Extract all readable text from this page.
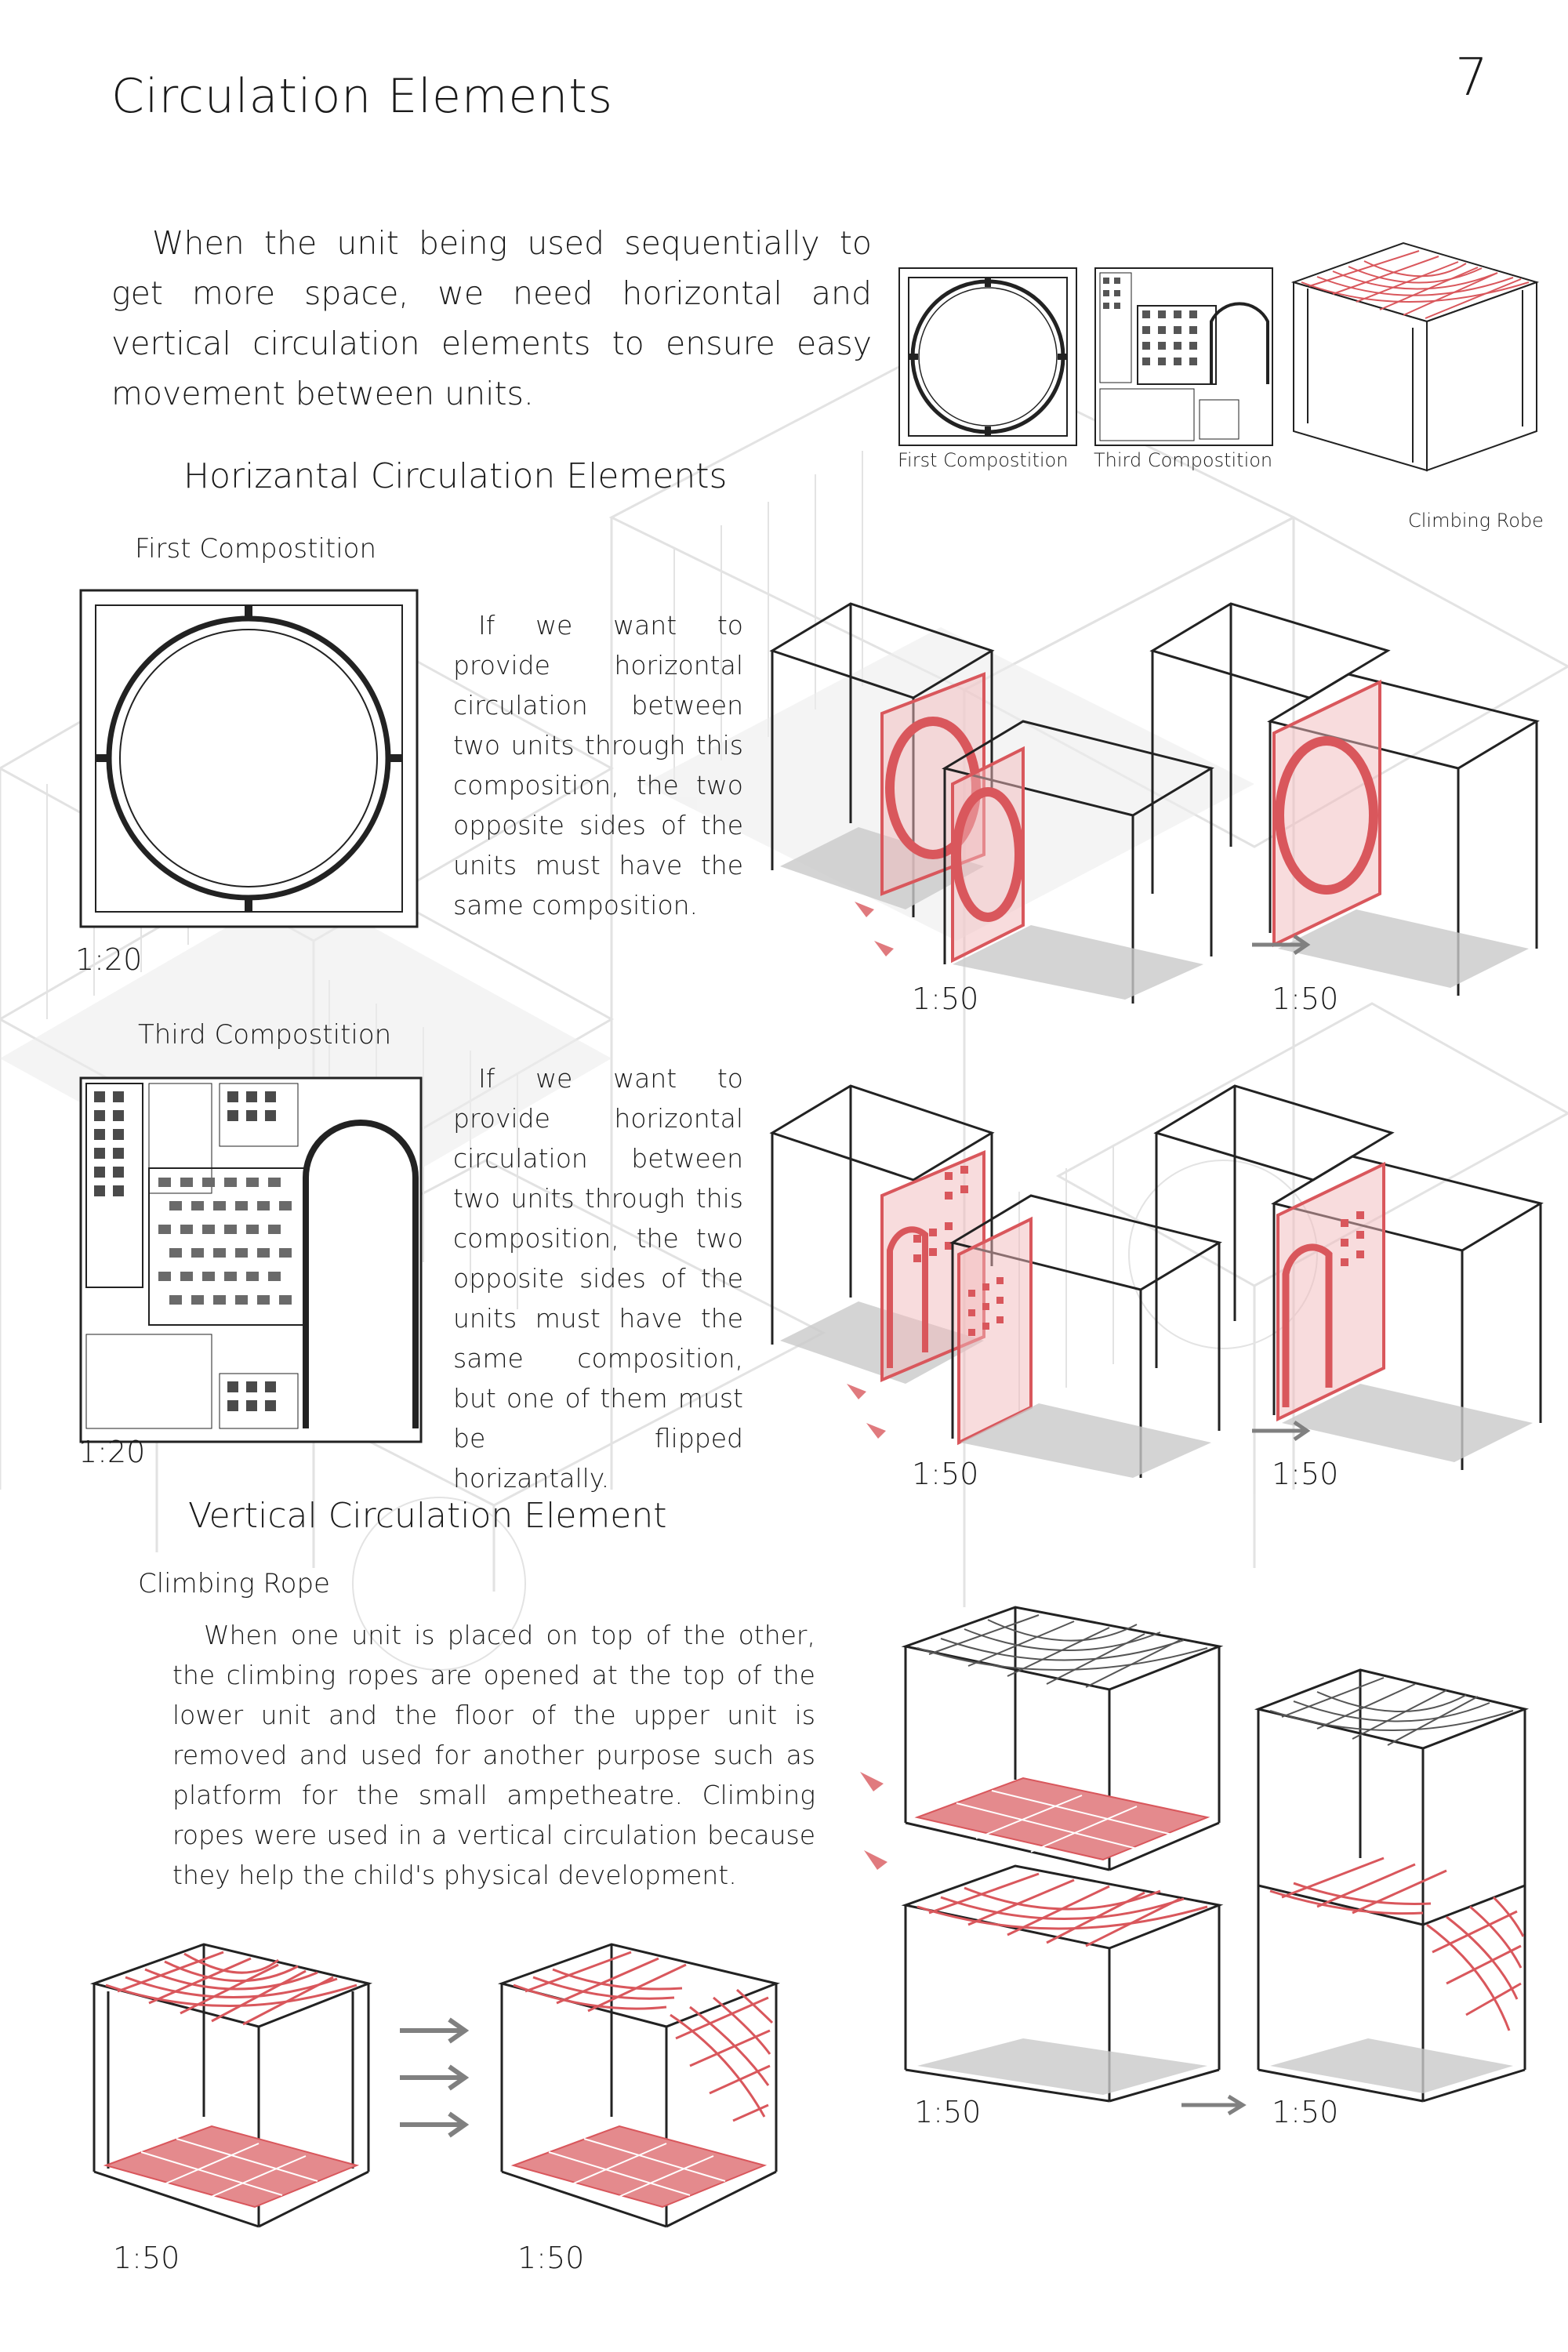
Circulation Elements	7
When the unit being used sequentially to get more space, we need horizontal and vertical circulation elements to ensure easy movement between units.
First Compostition Third Compostition
Climbing Robe
Horizantal Circulation Elements
First Compostition
1:20
If we want to provide horizontal circulation between two units through this composition, the two opposite sides of the units must have the same composition.
1:50	1:50
Third Compostition
1:20
If we want to provide horizontal circulation between two units through this composition, the two opposite sides of the units must have the same composition, but one of them must be flipped horizantally.	1:50	1:50
Vertical Circulation Element
Climbing Rope
When one unit is placed on top of the other, the climbing ropes are opened at the top of the lower unit and the floor of the upper unit is removed and used for another purpose such as platform for the small ampetheatre. Climbing ropes were used in a vertical circulation because they help the child's physical development.
1:50	1:50
1:50	1:50
